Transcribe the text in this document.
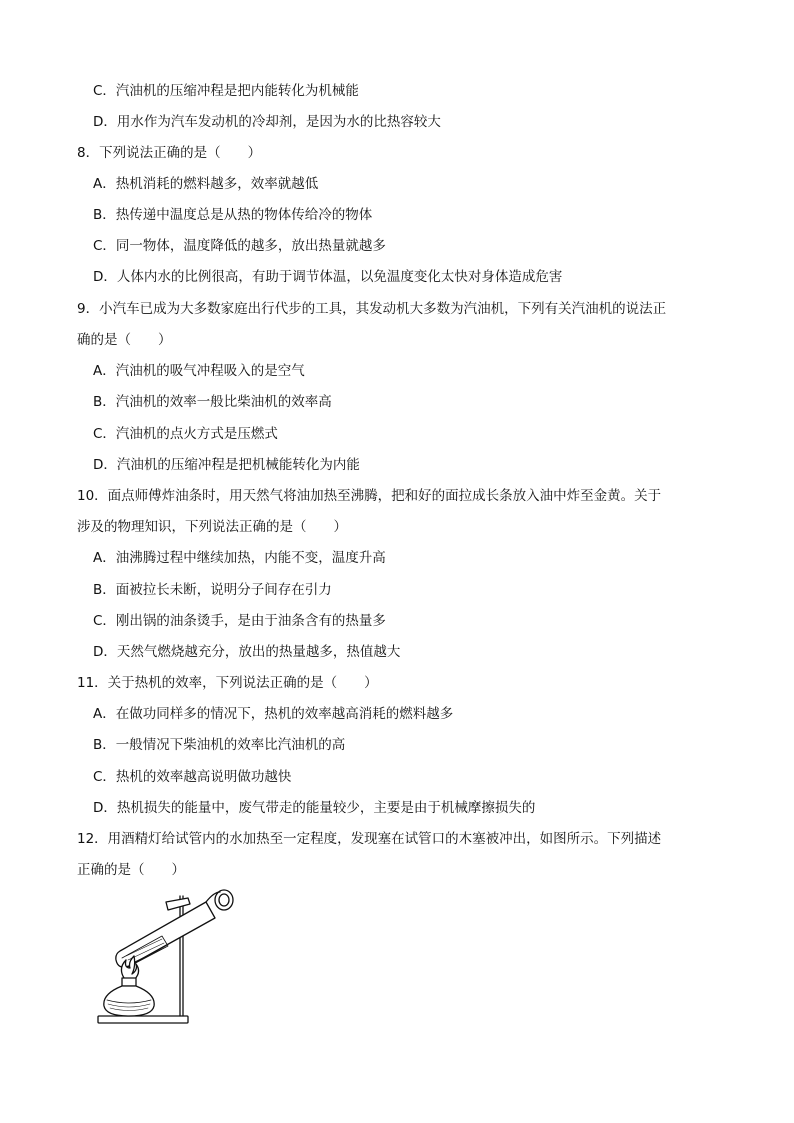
C．汽油机的压缩冲程是把内能转化为机械能
D．用水作为汽车发动机的冷却剂，是因为水的比热容较大
8．下列说法正确的是（　　）
A．热机消耗的燃料越多，效率就越低
B．热传递中温度总是从热的物体传给冷的物体
C．同一物体，温度降低的越多，放出热量就越多
D．人体内水的比例很高，有助于调节体温，以免温度变化太快对身体造成危害
9．小汽车已成为大多数家庭出行代步的工具，其发动机大多数为汽油机，下列有关汽油机的说法正
确的是（　　）
A．汽油机的吸气冲程吸入的是空气
B．汽油机的效率一般比柴油机的效率高
C．汽油机的点火方式是压燃式
D．汽油机的压缩冲程是把机械能转化为内能
10．面点师傅炸油条时，用天然气将油加热至沸腾，把和好的面拉成长条放入油中炸至金黄。关于
涉及的物理知识，下列说法正确的是（　　）
A．油沸腾过程中继续加热，内能不变，温度升高
B．面被拉长未断，说明分子间存在引力
C．刚出锅的油条烫手，是由于油条含有的热量多
D．天然气燃烧越充分，放出的热量越多，热值越大
11．关于热机的效率，下列说法正确的是（　　）
A．在做功同样多的情况下，热机的效率越高消耗的燃料越多
B．一般情况下柴油机的效率比汽油机的高
C．热机的效率越高说明做功越快
D．热机损失的能量中，废气带走的能量较少，主要是由于机械摩擦损失的
12．用酒精灯给试管内的水加热至一定程度，发现塞在试管口的木塞被冲出，如图所示。下列描述
正确的是（　　）
